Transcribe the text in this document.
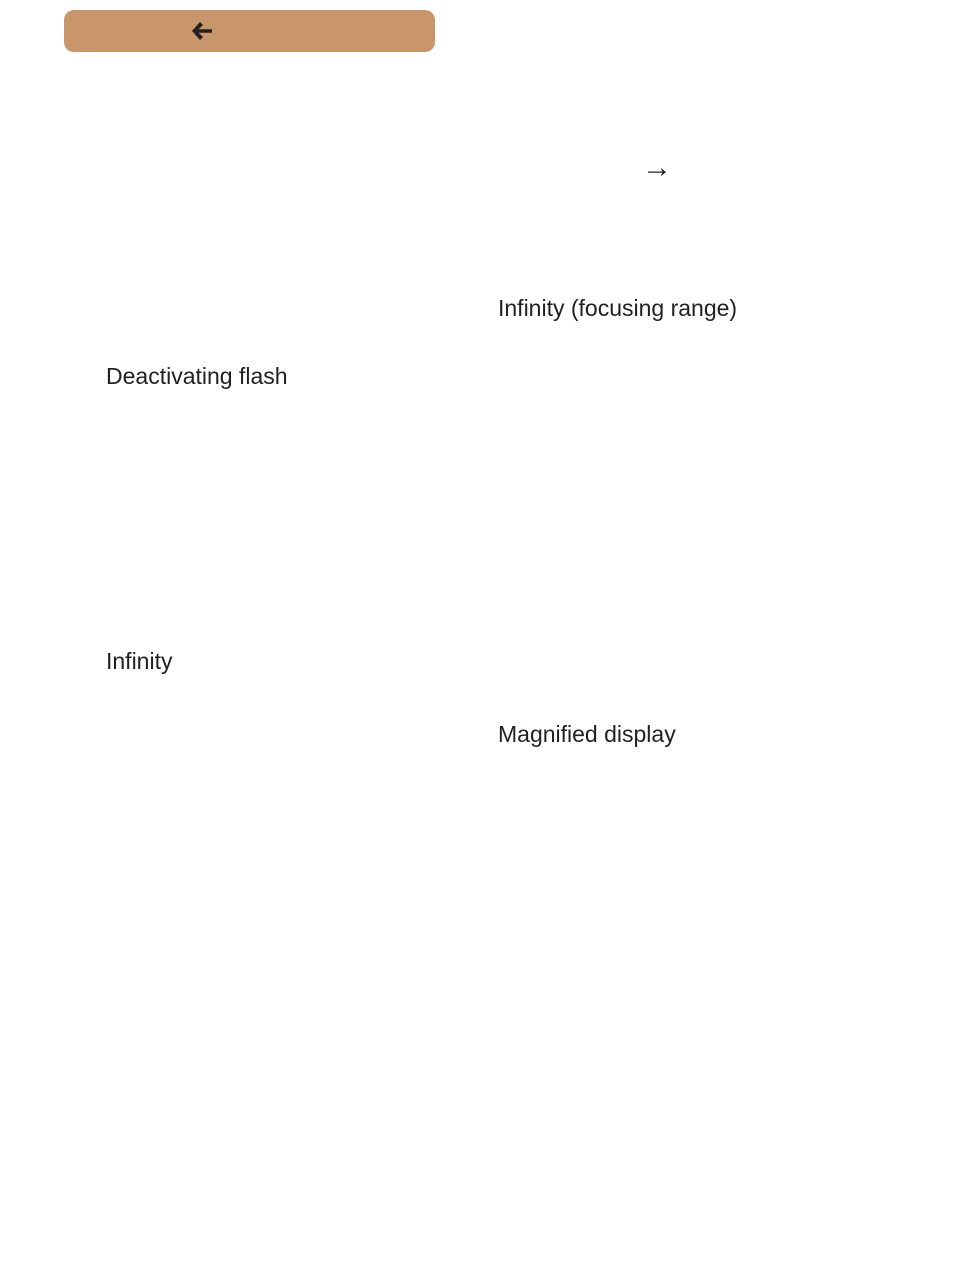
→
Infinity (focusing range)
Deactivating flash
Infinity
Magnified display
